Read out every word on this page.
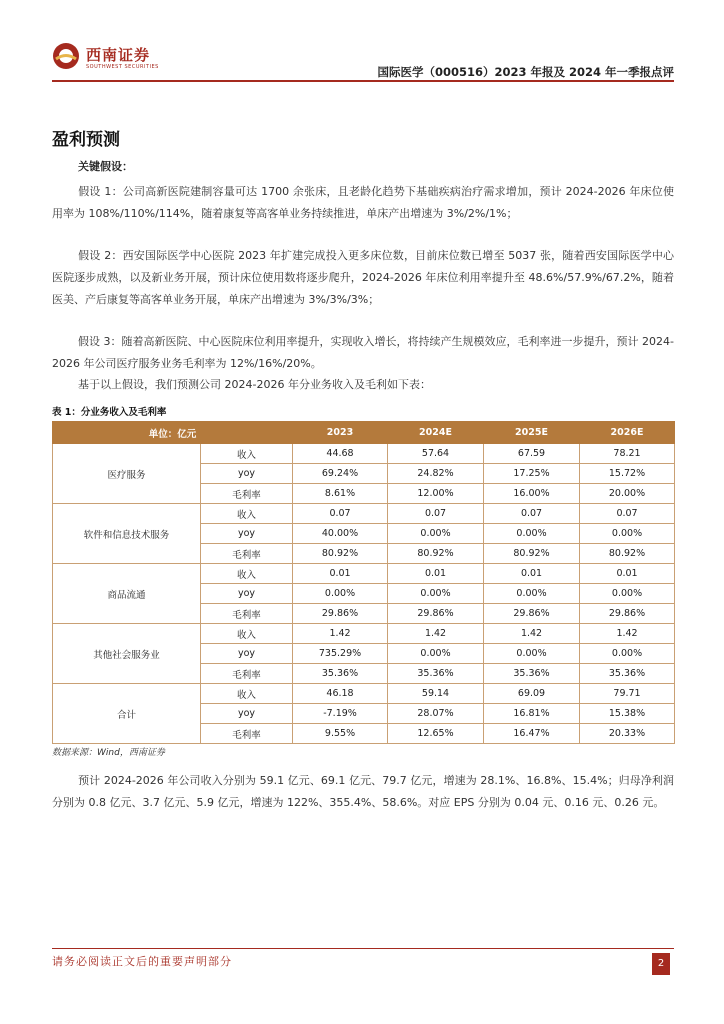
西南证券
SOUTHWEST SECURITIES	国际医学（000516）2023 年报及 2024 年一季报点评
盈利预测
关键假设：

假设 1：公司高新医院建制容量可达 1700 余张床，且老龄化趋势下基础疾病治疗需求增加，预计 2024-2026 年床位使用率为 108%/110%/114%，随着康复等高客单业务持续推进，单床产出增速为 3%/2%/1%；

假设 2：西安国际医学中心医院 2023 年扩建完成投入更多床位数，目前床位数已增至 5037 张，随着西安国际医学中心医院逐步成熟，以及新业务开展，预计床位使用数将逐步爬升，2024-2026 年床位利用率提升至 48.6%/57.9%/67.2%，随着医美、产后康复等高客单业务开展，单床产出增速为 3%/3%/3%；

假设 3：随着高新医院、中心医院床位利用率提升，实现收入增长，将持续产生规模效应，毛利率进一步提升，预计 2024-2026 年公司医疗服务业务毛利率为 12%/16%/20%。

基于以上假设，我们预测公司 2024-2026 年分业务收入及毛利如下表：

表 1：分业务收入及毛利率
单位：亿元		2023	2024E	2025E	2026E
医疗服务	收入	44.68	57.64	67.59	78.21
	yoy	69.24%	24.82%	17.25%	15.72%
	毛利率	8.61%	12.00%	16.00%	20.00%
软件和信息技术服务	收入	0.07	0.07	0.07	0.07
	yoy	40.00%	0.00%	0.00%	0.00%
	毛利率	80.92%	80.92%	80.92%	80.92%
商品流通	收入	0.01	0.01	0.01	0.01
	yoy	0.00%	0.00%	0.00%	0.00%
	毛利率	29.86%	29.86%	29.86%	29.86%
其他社会服务业	收入	1.42	1.42	1.42	1.42
	yoy	735.29%	0.00%	0.00%	0.00%
	毛利率	35.36%	35.36%	35.36%	35.36%
合计	收入	46.18	59.14	69.09	79.71
	yoy	-7.19%	28.07%	16.81%	15.38%
	毛利率	9.55%	12.65%	16.47%	20.33%
数据来源：Wind，西南证券

预计 2024-2026 年公司收入分别为 59.1 亿元、69.1 亿元、79.7 亿元，增速为 28.1%、16.8%、15.4%；归母净利润分别为 0.8 亿元、3.7 亿元、5.9 亿元，增速为 122%、355.4%、58.6%。对应 EPS 分别为 0.04 元、0.16 元、0.26 元。

请务必阅读正文后的重要声明部分	2
